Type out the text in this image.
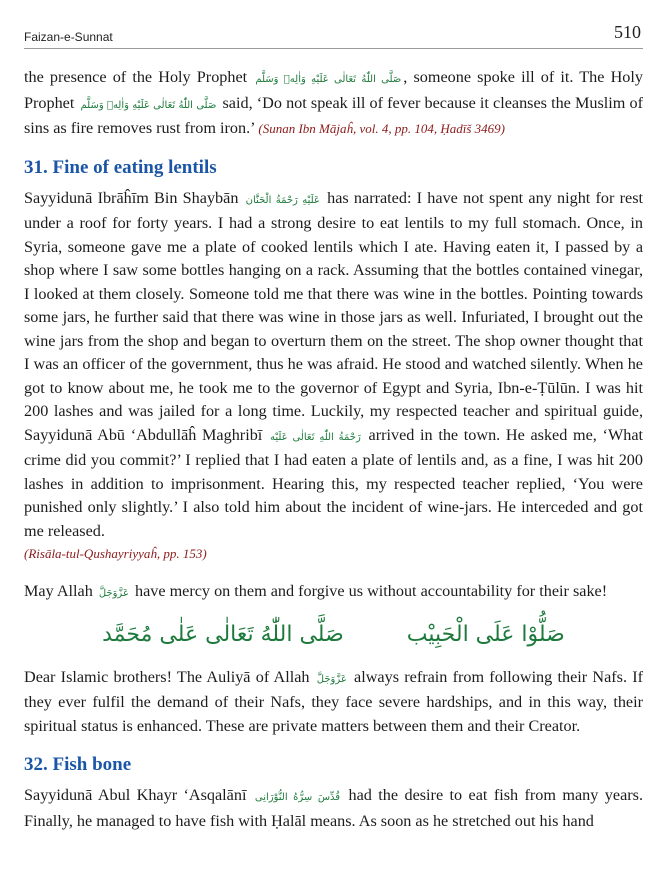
Faizan-e-Sunnat	510

the presence of the Holy Prophet صَلَّى اللّٰهُ تَعَالٰى عَلَيْهِ وَاٰلِهٖ وَسَلَّم , someone spoke ill of it. The Holy Prophet صَلَّى اللّٰهُ تَعَالٰى عَلَيْهِ وَاٰلِهٖ وَسَلَّم said, ‘Do not speak ill of fever because it cleanses the Muslim of sins as fire removes rust from iron.’ (Sunan Ibn Mājaĥ, vol. 4, pp. 104, Ḥadīš 3469)

31. Fine of eating lentils

Sayyidunā Ibrāĥīm Bin Shaybān عَلَيْهِ رَحْمَةُ الْحَنَّان has narrated: I have not spent any night for rest under a roof for forty years. I had a strong desire to eat lentils to my full stomach. Once, in Syria, someone gave me a plate of cooked lentils which I ate. Having eaten it, I passed by a shop where I saw some bottles hanging on a rack. Assuming that the bottles contained vinegar, I looked at them closely. Someone told me that there was wine in the bottles. Pointing towards some jars, he further said that there was wine in those jars as well. Infuriated, I brought out the wine jars from the shop and began to overturn them on the street. The shop owner thought that I was an officer of the government, thus he was afraid. He stood and watched silently. When he got to know about me, he took me to the governor of Egypt and Syria, Ibn-e-Ṭūlūn. I was hit 200 lashes and was jailed for a long time. Luckily, my respected teacher and spiritual guide, Sayyidunā Abū ‘Abdullāĥ Maghribī رَحْمَةُ اللّٰهِ تَعَالٰى عَلَيْه arrived in the town. He asked me, ‘What crime did you commit?’ I replied that I had eaten a plate of lentils and, as a fine, I was hit 200 lashes in addition to imprisonment. Hearing this, my respected teacher replied, ‘You were punished only slightly.’ I also told him about the incident of wine-jars. He interceded and got me released.

(Risāla-tul-Qushayriyyaĥ, pp. 153)

May Allah عَزَّوَجَلَّ have mercy on them and forgive us without accountability for their sake!

صَلُّوْا عَلَى الْحَبِيْب صَلَّى اللّٰهُ تَعَالٰى عَلٰى مُحَمَّد

Dear Islamic brothers! The Auliyā of Allah عَزَّوَجَلَّ always refrain from following their Nafs. If they ever fulfil the demand of their Nafs, they face severe hardships, and in this way, their spiritual status is enhanced. These are private matters between them and their Creator.

32. Fish bone

Sayyidunā Abul Khayr ‘Asqalānī قُدِّسَ سِرُّهُ النُّوْرَانِى had the desire to eat fish from many years. Finally, he managed to have fish with Ḥalāl means. As soon as he stretched out his hand
